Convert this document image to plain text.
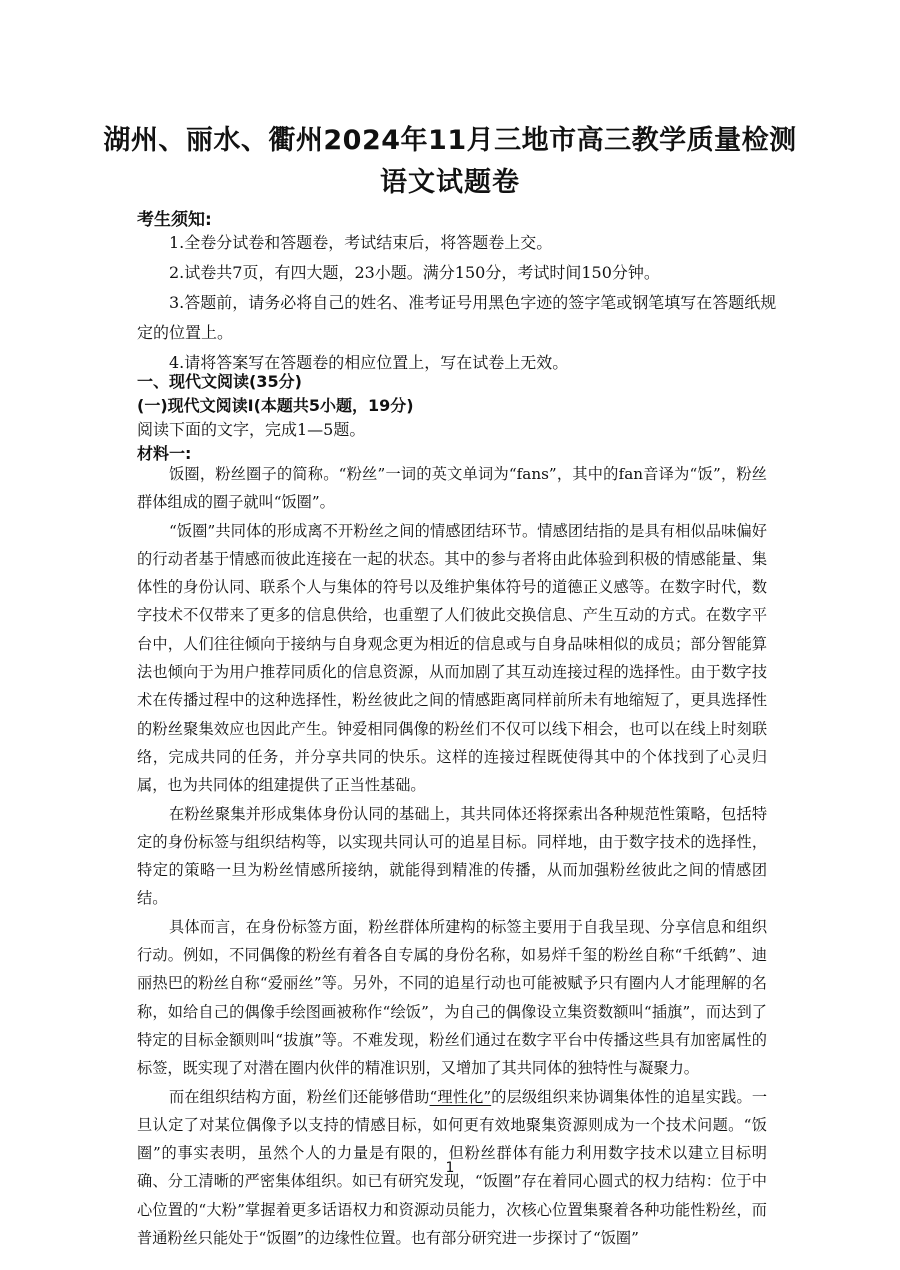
湖州、丽水、衢州2024年11月三地市高三教学质量检测
语文试题卷
考生须知:
1.全卷分试卷和答题卷，考试结束后，将答题卷上交。
2.试卷共7页，有四大题，23小题。满分150分，考试时间150分钟。
3.答题前，请务必将自己的姓名、准考证号用黑色字迹的签字笔或钢笔填写在答题纸规定的位置上。
4.请将答案写在答题卷的相应位置上，写在试卷上无效。
一、现代文阅读(35分)
(一)现代文阅读Ⅰ(本题共5小题，19分)
阅读下面的文字，完成1—5题。
材料一:

饭圈，粉丝圈子的简称。“粉丝”一词的英文单词为“fans”，其中的fan音译为“饭”，粉丝群体组成的圈子就叫“饭圈”。

“饭圈”共同体的形成离不开粉丝之间的情感团结环节。情感团结指的是具有相似品味偏好的行动者基于情感而彼此连接在一起的状态。其中的参与者将由此体验到积极的情感能量、集体性的身份认同、联系个人与集体的符号以及维护集体符号的道德正义感等。在数字时代，数字技术不仅带来了更多的信息供给，也重塑了人们彼此交换信息、产生互动的方式。在数字平台中，人们往往倾向于接纳与自身观念更为相近的信息或与自身品味相似的成员；部分智能算法也倾向于为用户推荐同质化的信息资源，从而加剧了其互动连接过程的选择性。由于数字技术在传播过程中的这种选择性，粉丝彼此之间的情感距离同样前所未有地缩短了，更具选择性的粉丝聚集效应也因此产生。钟爱相同偶像的粉丝们不仅可以线下相会，也可以在线上时刻联络，完成共同的任务，并分享共同的快乐。这样的连接过程既使得其中的个体找到了心灵归属，也为共同体的组建提供了正当性基础。

在粉丝聚集并形成集体身份认同的基础上，其共同体还将探索出各种规范性策略，包括特定的身份标签与组织结构等，以实现共同认可的追星目标。同样地，由于数字技术的选择性，特定的策略一旦为粉丝情感所接纳，就能得到精准的传播，从而加强粉丝彼此之间的情感团结。

具体而言，在身份标签方面，粉丝群体所建构的标签主要用于自我呈现、分享信息和组织行动。例如，不同偶像的粉丝有着各自专属的身份名称，如易烊千玺的粉丝自称“千纸鹤”、迪丽热巴的粉丝自称“爱丽丝”等。另外，不同的追星行动也可能被赋予只有圈内人才能理解的名称，如给自己的偶像手绘图画被称作“绘饭”，为自己的偶像设立集资数额叫“插旗”，而达到了特定的目标金额则叫“拔旗”等。不难发现，粉丝们通过在数字平台中传播这些具有加密属性的标签，既实现了对潜在圈内伙伴的精准识别，又增加了其共同体的独特性与凝聚力。

而在组织结构方面，粉丝们还能够借助“理性化”的层级组织来协调集体性的追星实践。一旦认定了对某位偶像予以支持的情感目标，如何更有效地聚集资源则成为一个技术问题。“饭圈”的事实表明，虽然个人的力量是有限的，但粉丝群体有能力利用数字技术以建立目标明确、分工清晰的严密集体组织。如已有研究发现，“饭圈”存在着同心圆式的权力结构：位于中心位置的“大粉”掌握着更多话语权力和资源动员能力，次核心位置集聚着各种功能性粉丝，而普通粉丝只能处于“饭圈”的边缘性位置。也有部分研究进一步探讨了“饭圈”

1
